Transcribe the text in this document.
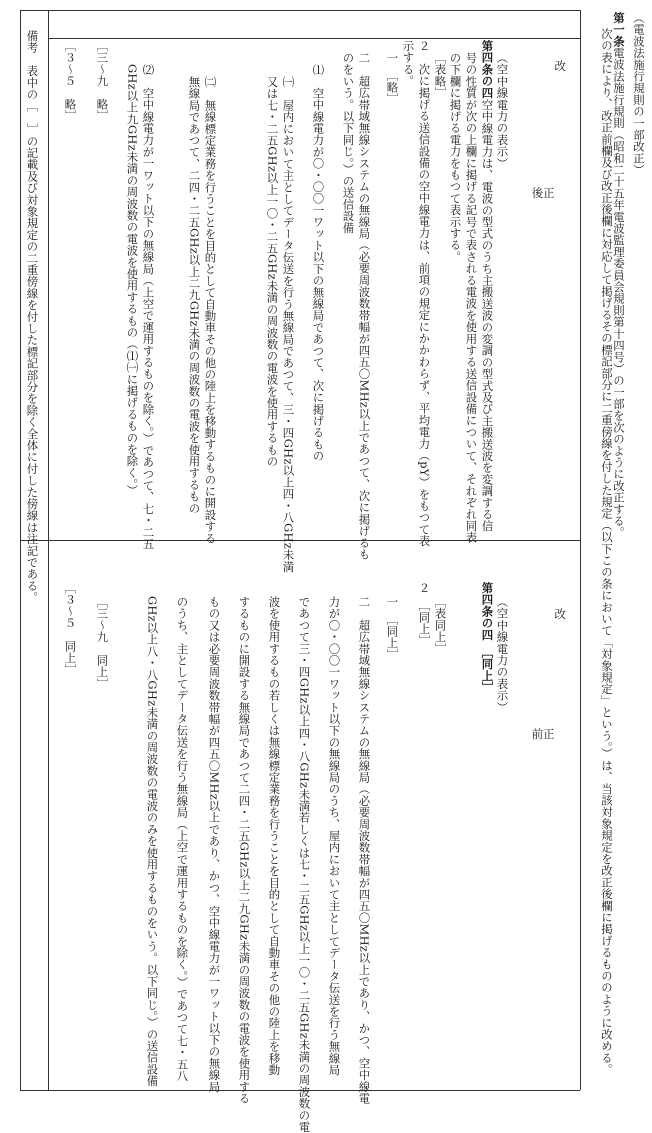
（電波法施行規則の一部改正）
第一条電波法施行規則（昭和二十五年電波監理委員会規則第十四号）の一部を次のように改正する。
次の表により、改正前欄及び改正後欄に対応して掲げるその標記部分に二重傍線を付した規定（以下この条において「対象規定」という。）は、当該対象規定を改正後欄に掲げるもののように改める。
改
正
後
改
正
前
（空中線電力の表示）
第四条の四空中線電力は、電波の型式のうち主搬送波の変調の型式及び主搬送波を変調する信
号の性質が次の上欄に掲げる記号で表される電波を使用する送信設備について、それぞれ同表
の下欄に掲げる電力をもつて表示する。
［表略］
２　次に掲げる送信設備の空中線電力は、前項の規定にかかわらず、平均電力（pY）をもつて表
示する。
一　［略］
二　超広帯域無線システムの無線局（必要周波数帯幅が四五〇MHz以上であつて、次に掲げるも
のをいう。以下同じ。）の送信設備
⑴　空中線電力が〇・〇〇一ワット以下の無線局であつて、次に掲げるもの
㈠　屋内において主としてデータ伝送を行う無線局であつて、三・四GHz以上四・八GHz未満
又は七・二五GHz以上一〇・二五GHz未満の周波数の電波を使用するもの
㈡　無線標定業務を行うことを目的として自動車その他の陸上を移動するものに開設する
無線局であつて、二四・二五GHz以上二九GHz未満の周波数の電波を使用するもの
⑵　空中線電力が一ワット以下の無線局（上空で運用するものを除く。）であつて、七・二五
GHz以上九GHz未満の周波数の電波を使用するもの（⑴㈠に掲げるものを除く。）
［三～九　略］
［３～５　略］
（空中線電力の表示）
第四条の四　［同上］
［表同上］
２　［同上］
一　［同上］
二　超広帯域無線システムの無線局（必要周波数帯幅が四五〇MHz以上であり、かつ、空中線電
力が〇・〇〇一ワット以下の無線局のうち、屋内において主としてデータ伝送を行う無線局
であつて三・四GHz以上四・八GHz未満若しくは七・二五GHz以上一〇・二五GHz未満の周波数の電
波を使用するもの若しくは無線標定業務を行うことを目的として自動車その他の陸上を移動
するものに開設する無線局であつて二四・二五GHz以上二九GHz未満の周波数の電波を使用する
もの又は必要周波数帯幅が四五〇MHz以上であり、かつ、空中線電力が一ワット以下の無線局
のうち、主としてデータ伝送を行う無線局（上空で運用するものを除く。）であつて七・五八
GHz以上八・八GHz未満の周波数の電波のみを使用するものをいう。以下同じ。）の送信設備
［三～九　同上］
［３～５　同上］
備考　表中の［　］の記載及び対象規定の二重傍線を付した標記部分を除く全体に付した傍線は注記である。
